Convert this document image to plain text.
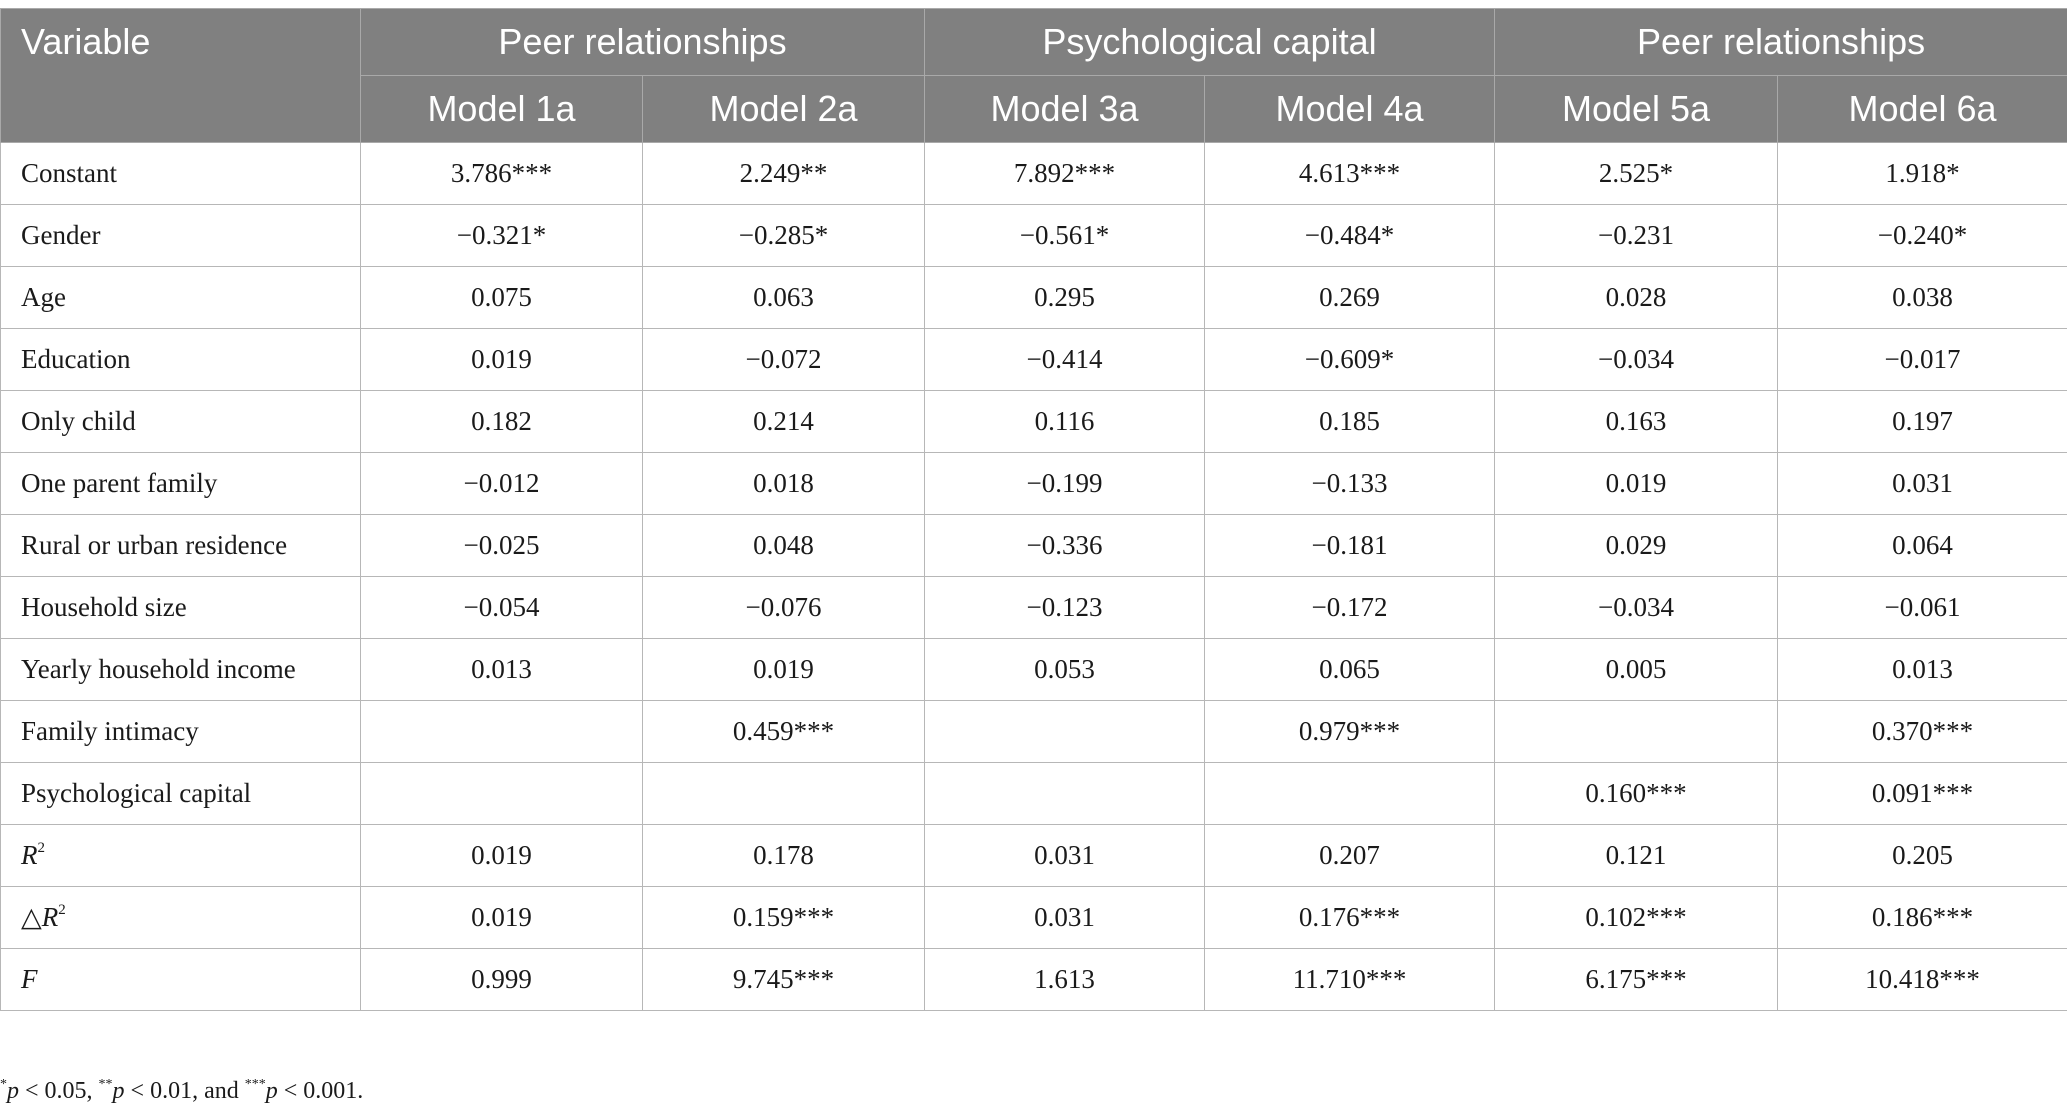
Variable	Peer relationships		Psychological capital		Peer relationships	
	Model 1a	Model 2a	Model 3a	Model 4a	Model 5a	Model 6a
Constant	3.786***	2.249**	7.892***	4.613***	2.525*	1.918*
Gender	−0.321*	−0.285*	−0.561*	−0.484*	−0.231	−0.240*
Age	0.075	0.063	0.295	0.269	0.028	0.038
Education	0.019	−0.072	−0.414	−0.609*	−0.034	−0.017
Only child	0.182	0.214	0.116	0.185	0.163	0.197
One parent family	−0.012	0.018	−0.199	−0.133	0.019	0.031
Rural or urban residence	−0.025	0.048	−0.336	−0.181	0.029	0.064
Household size	−0.054	−0.076	−0.123	−0.172	−0.034	−0.061
Yearly household income	0.013	0.019	0.053	0.065	0.005	0.013
Family intimacy		0.459***		0.979***		0.370***
Psychological capital					0.160***	0.091***
$R^2$	0.019	0.178	0.031	0.207	0.121	0.205
$\triangle R^2$	0.019	0.159***	0.031	0.176***	0.102***	0.186***
F	0.999	9.745***	1.613	11.710***	6.175***	10.418***
*p < 0.05, **p < 0.01, and ***p < 0.001.
